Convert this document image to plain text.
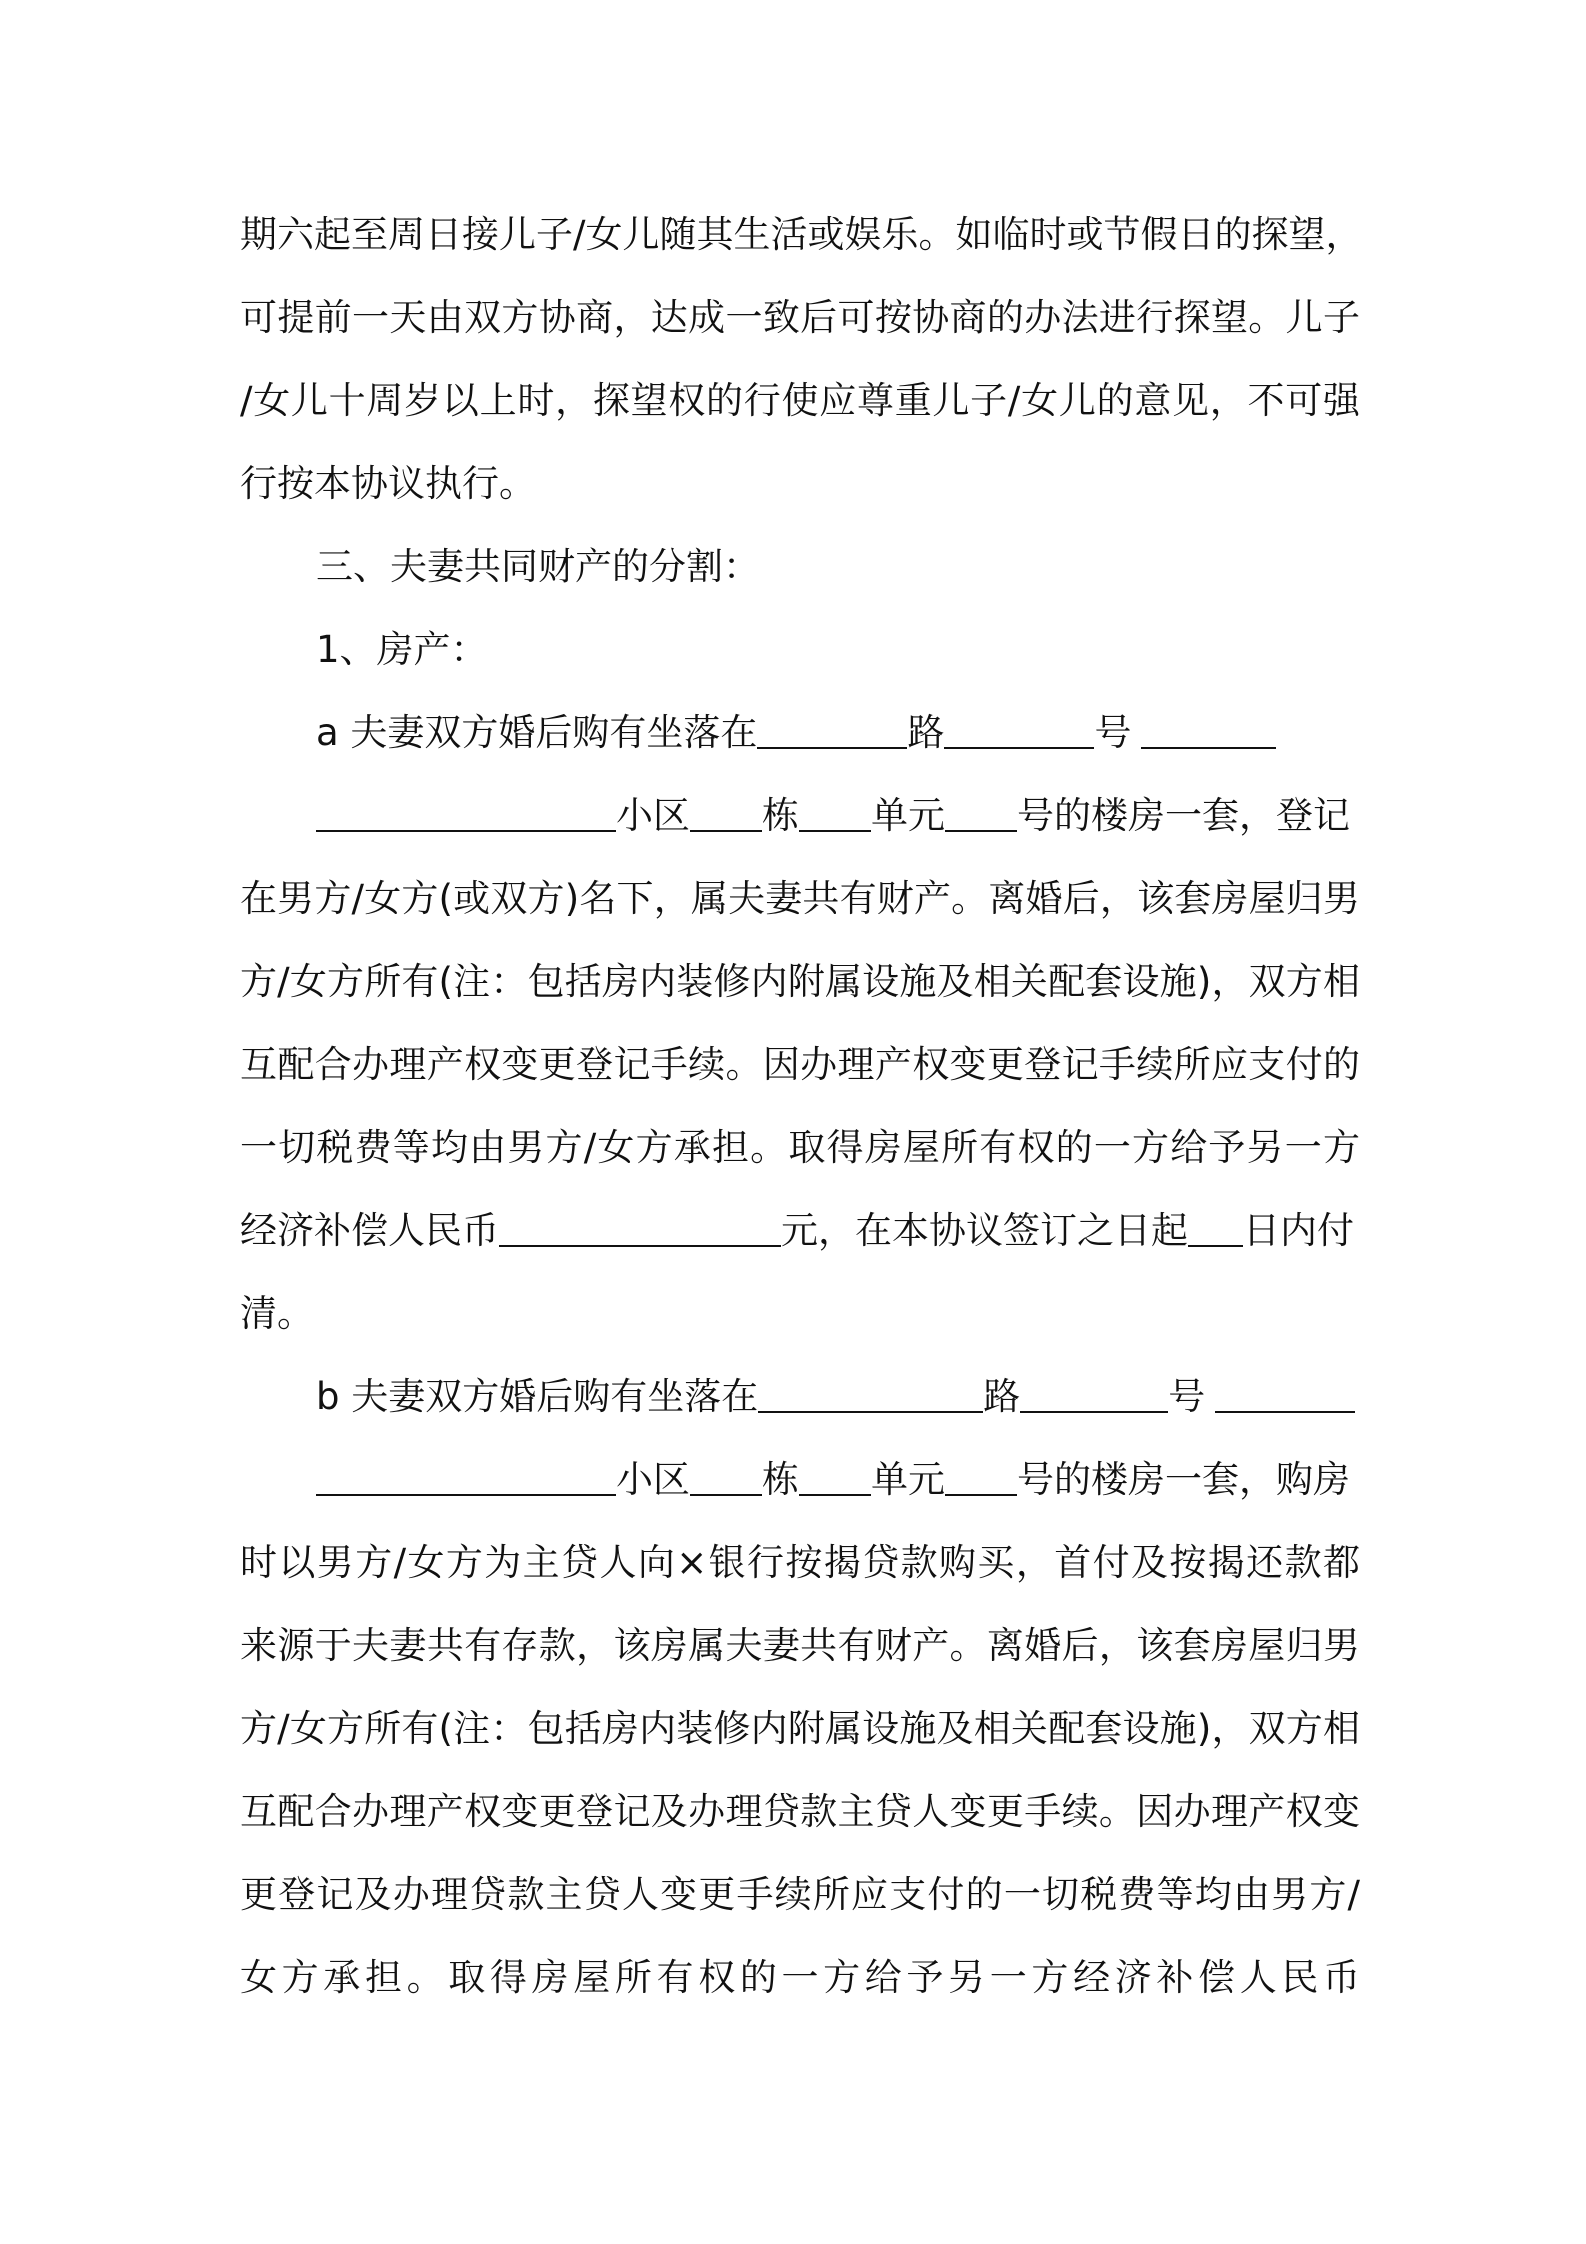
期六起至周日接儿子/女儿随其生活或娱乐。如临时或节假日的探望，
可提前一天由双方协商，达成一致后可按协商的办法进行探望。儿子
/女儿十周岁以上时，探望权的行使应尊重儿子/女儿的意见，不可强
行按本协议执行。
三、夫妻共同财产的分割：
1、房产：
a 夫妻双方婚后购有坐落在	路	号
小区 栋 单元 号的楼房一套，登记
在男方/女方(或双方)名下，属夫妻共有财产。离婚后，该套房屋归男
方/女方所有(注：包括房内装修内附属设施及相关配套设施)，双方相
互配合办理产权变更登记手续。因办理产权变更登记手续所应支付的
一切税费等均由男方/女方承担。取得房屋所有权的一方给予另一方
经济补偿人民币	元，在本协议签订之日起 日内付
清。
b 夫妻双方婚后购有坐落在	路	号
小区 栋 单元 号的楼房一套，购房
时以男方/女方为主贷人向×银行按揭贷款购买，首付及按揭还款都
来源于夫妻共有存款，该房属夫妻共有财产。离婚后，该套房屋归男
方/女方所有(注：包括房内装修内附属设施及相关配套设施)，双方相
互配合办理产权变更登记及办理贷款主贷人变更手续。因办理产权变
更登记及办理贷款主贷人变更手续所应支付的一切税费等均由男方/
女方承担。取得房屋所有权的一方给予另一方经济补偿人民币
